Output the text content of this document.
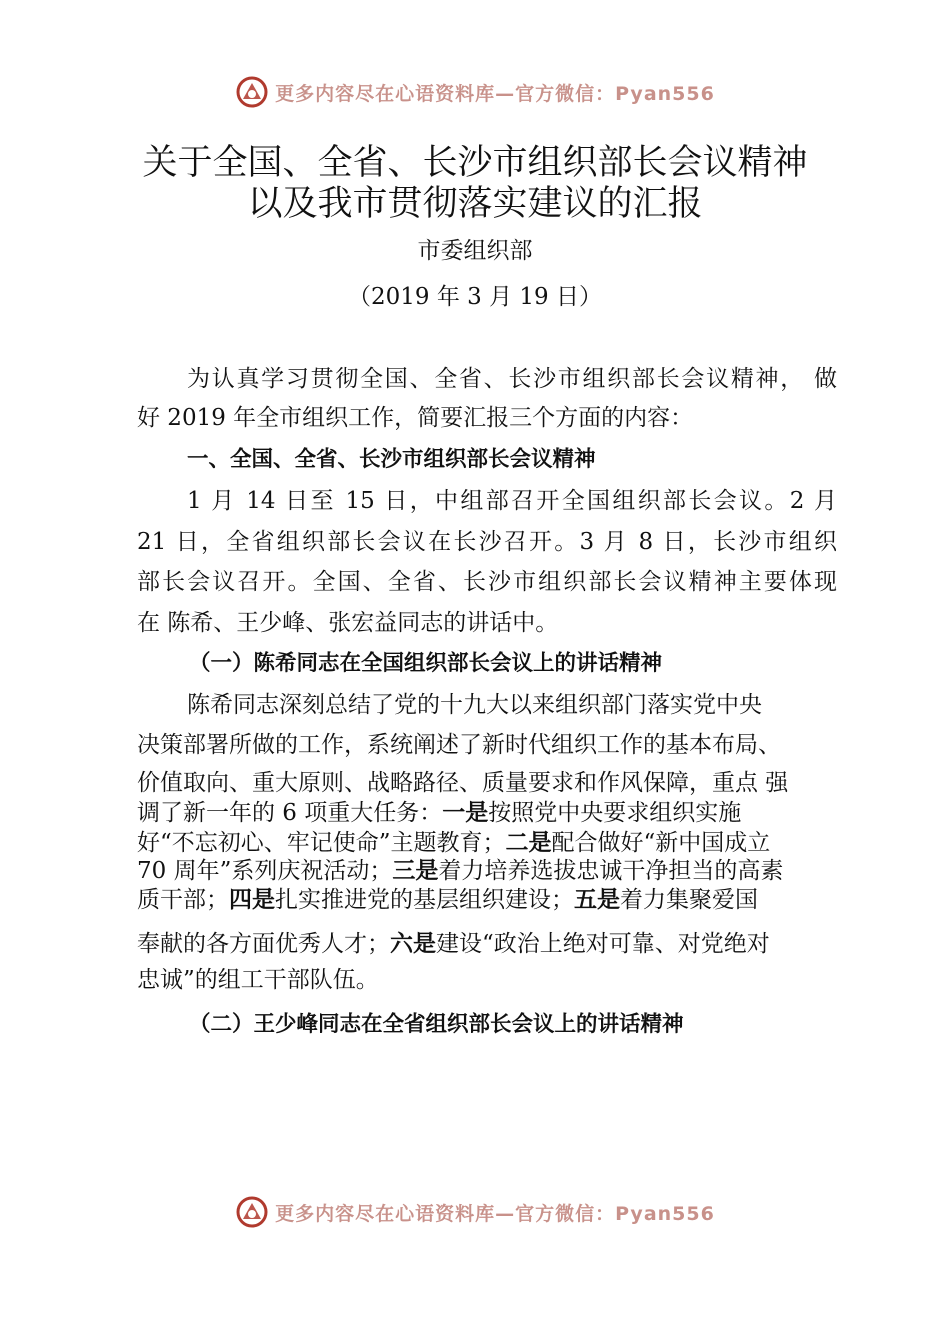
更多内容尽在心语资料库—官方微信：Pyan556
关于全国、全省、长沙市组织部长会议精神
以及我市贯彻落实建议的汇报
市委组织部
（2019 年 3 月 19 日）
为认真学习贯彻全国、全省、长沙市组织部长会议精神， 做
好 2019 年全市组织工作，简要汇报三个方面的内容：
一、全国、全省、长沙市组织部长会议精神
1 月 14 日至 15 日，中组部召开全国组织部长会议。2 月
21 日，全省组织部长会议在长沙召开。3 月 8 日，长沙市组织
部长会议召开。全国、全省、长沙市组织部长会议精神主要体现
在 陈希、王少峰、张宏益同志的讲话中。
（一）陈希同志在全国组织部长会议上的讲话精神
陈希同志深刻总结了党的十九大以来组织部门落实党中央
决策部署所做的工作，系统阐述了新时代组织工作的基本布局、
价值取向、重大原则、战略路径、质量要求和作风保障，重点 强
调了新一年的 6 项重大任务：一是按照党中央要求组织实施
好“不忘初心、牢记使命”主题教育；二是配合做好“新中国成立
70 周年”系列庆祝活动；三是着力培养选拔忠诚干净担当的高素
质干部；四是扎实推进党的基层组织建设；五是着力集聚爱国
奉献的各方面优秀人才；六是建设“政治上绝对可靠、对党绝对
忠诚”的组工干部队伍。
（二）王少峰同志在全省组织部长会议上的讲话精神
更多内容尽在心语资料库—官方微信：Pyan556
